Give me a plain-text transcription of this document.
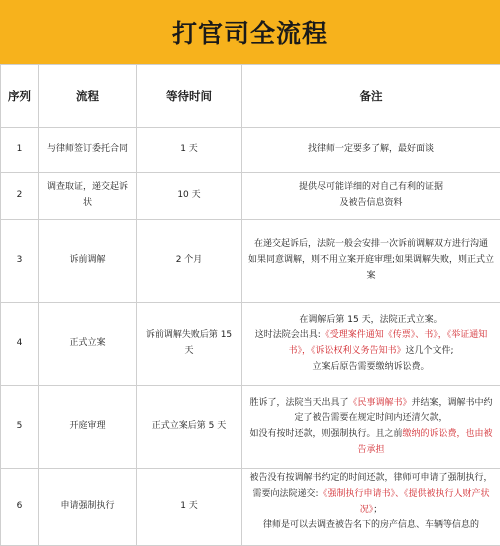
打官司全流程
序列	流程	等待时间	备注
1	与律师签订委托合同	1 天	找律师一定要多了解，最好面谈

2	调查取证，递交起诉状	10 天	提供尽可能详细的对自己有利的证据

及被告信息资料

3	诉前调解	2 个月	在递交起诉后，法院一般会安排一次诉前调解双方进行沟通

如果同意调解，则不用立案开庭审理;如果调解失败，则正式立案

4	正式立案	诉前调解失败后第 15 天	在调解后第 15 天，法院正式立案。

这时法院会出具:《受理案件通知《传票》、书》，《举证通知书》，《诉讼权利义务告知书》这几个文件;

立案后原告需要缴纳诉讼费。

5	开庭审理	正式立案后第 5 天	胜诉了，法院当天出具了《民事调解书》并结案，调解书中约定了被告需要在规定时间内还清欠款，

如没有按时还款，则强制执行。且之前缴纳的诉讼费，也由被告承担

6	申请强制执行	1 天	被告没有按调解书约定的时间还款，律师可申请了强制执行，需要向法院递交:《强制执行申请书》、《提供被执行人财产状况》；

律师是可以去调查被告名下的房产信息、车辆等信息的
